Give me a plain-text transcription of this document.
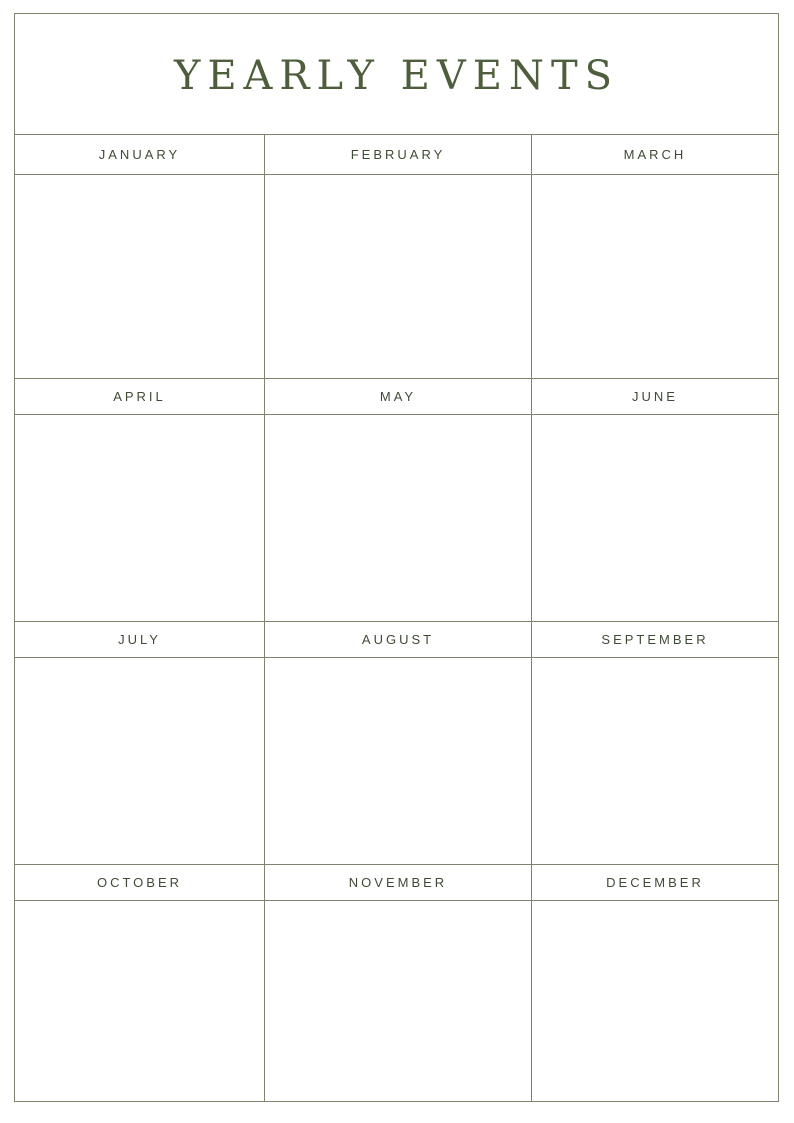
YEARLY EVENTS
JANUARY	FEBRUARY	MARCH
APRIL	MAY	JUNE
JULY	AUGUST	SEPTEMBER
OCTOBER	NOVEMBER	DECEMBER
